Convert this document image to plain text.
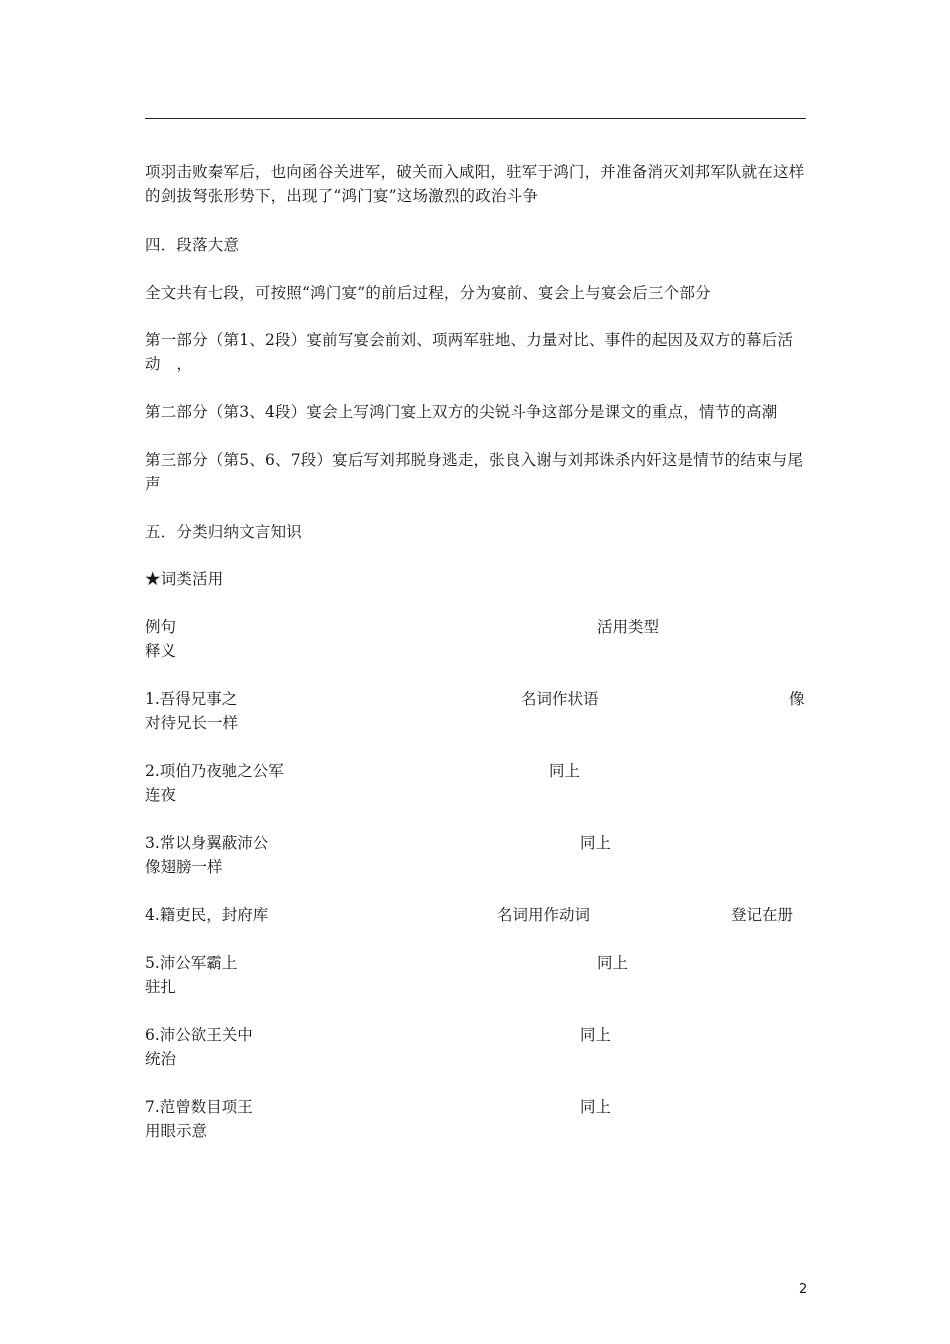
项羽击败秦军后，也向函谷关进军，破关而入咸阳，驻军于鸿门，并准备消灭刘邦军队就在这样的剑拔弩张形势下，出现了“鸿门宴”这场激烈的政治斗争
四．段落大意
全文共有七段，可按照“鸿门宴”的前后过程，分为宴前、宴会上与宴会后三个部分
第一部分（第1、2段）宴前写宴会前刘、项两军驻地、力量对比、事件的起因及双方的幕后活动　，
第二部分（第3、4段）宴会上写鸿门宴上双方的尖锐斗争这部分是课文的重点，情节的高潮
第三部分（第5、6、7段）宴后写刘邦脱身逃走，张良入谢与刘邦诛杀内奸这是情节的结束与尾声
五．分类归纳文言知识
★词类活用
例句	活用类型
释义
1.吾得兄事之	名词作状语	像
对待兄长一样
2.项伯乃夜驰之公军	同上
连夜
3.常以身翼蔽沛公	同上
像翅膀一样
4.籍吏民，封府库	名词用作动词	登记在册
5.沛公军霸上	同上
驻扎
6.沛公欲王关中	同上
统治
7.范曾数目项王	同上
用眼示意
2
